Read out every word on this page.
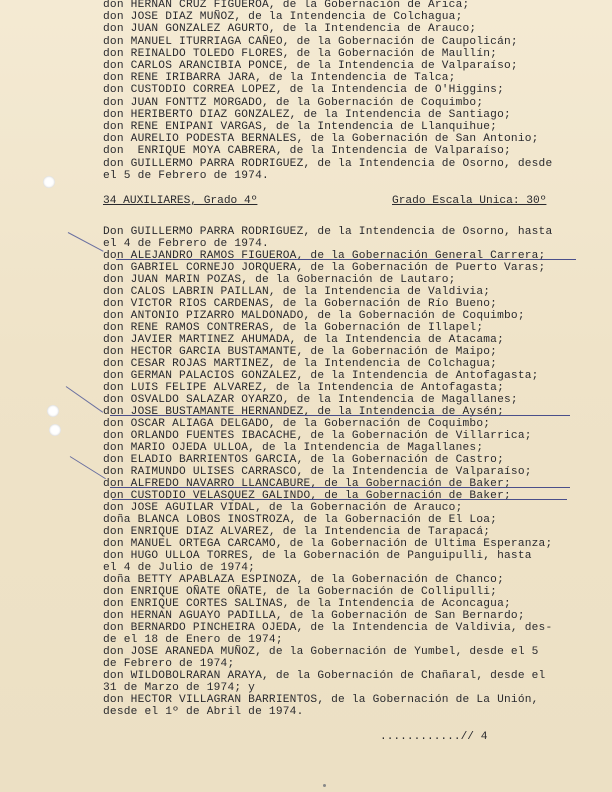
don HERNAN CRUZ FIGUEROA, de la Gobernación de Arica;
don JOSE DIAZ MUÑOZ, de la Intendencia de Colchagua;
don JUAN GONZALEZ AGURTO, de la Intendencia de Arauco;
don MANUEL ITURRIAGA CAÑEO, de la Gobernación de Caupolicán;
don REINALDO TOLEDO FLORES, de la Gobernación de Maullín;
don CARLOS ARANCIBIA PONCE, de la Intendencia de Valparaíso;
don RENE IRIBARRA JARA, de la Intendencia de Talca;
don CUSTODIO CORREA LOPEZ, de la Intendencia de O'Higgins;
don JUAN FONTTZ MORGADO, de la Gobernación de Coquimbo;
don HERIBERTO DIAZ GONZALEZ, de la Intendencia de Santiago;
don RENE ENIPANI VARGAS, de la Intendencia de Llanquihue;
don AURELIO PODESTA BERNALES, de la Gobernación de San Antonio;
don  ENRIQUE MOYA CABRERA, de la Intendencia de Valparaíso;
don GUILLERMO PARRA RODRIGUEZ, de la Intendencia de Osorno, desde
el 5 de Febrero de 1974.
34 AUXILIARES, Grado 4º	Grado Escala Unica: 30º
Don GUILLERMO PARRA RODRIGUEZ, de la Intendencia de Osorno, hasta
el 4 de Febrero de 1974.
don ALEJANDRO RAMOS FIGUEROA, de la Gobernación General Carrera;
don GABRIEL CORNEJO JORQUERA, de la Gobernación de Puerto Varas;
don JUAN MARIN POZAS, de la Gobernación de Lautaro;
don CALOS LABRIN PAILLAN, de la Intendencia de Valdivia;
don VICTOR RIOS CARDENAS, de la Gobernación de Río Bueno;
don ANTONIO PIZARRO MALDONADO, de la Gobernación de Coquimbo;
don RENE RAMOS CONTRERAS, de la Gobernación de Illapel;
don JAVIER MARTINEZ AHUMADA, de la Intendencia de Atacama;
don HECTOR GARCIA BUSTAMANTE, de la Gobernación de Maipo;
don CESAR ROJAS MARTINEZ, de la Intendencia de Colchagua;
don GERMAN PALACIOS GONZALEZ, de la Intendencia de Antofagasta;
don LUIS FELIPE ALVAREZ, de la Intendencia de Antofagasta;
don OSVALDO SALAZAR OYARZO, de la Intendencia de Magallanes;
don JOSE BUSTAMANTE HERNANDEZ, de la Intendencia de Aysén;
don OSCAR ALIAGA DELGADO, de la Gobernación de Coquimbo;
don ORLANDO FUENTES IBACACHE, de la Gobernación de Villarrica;
don MARIO OJEDA ULLOA, de la Intendencia de Magallanes;
don ELADIO BARRIENTOS GARCIA, de la Gobernación de Castro;
don RAIMUNDO ULISES CARRASCO, de la Intendencia de Valparaíso;
don ALFREDO NAVARRO LLANCABURE, de la Gobernación de Baker;
don CUSTODIO VELASQUEZ GALINDO, de la Gobernación de Baker;
don JOSE AGUILAR VIDAL, de la Gobernación de Arauco;
doña BLANCA LOBOS INOSTROZA, de la Gobernación de El Loa;
don ENRIQUE DIAZ ALVAREZ, de la Intendencia de Tarapacá;
don MANUEL ORTEGA CARCAMO, de la Gobernación de Ultima Esperanza;
don HUGO ULLOA TORRES, de la Gobernación de Panguipulli, hasta
el 4 de Julio de 1974;
doña BETTY APABLAZA ESPINOZA, de la Gobernación de Chanco;
don ENRIQUE OÑATE OÑATE, de la Gobernación de Collipulli;
don ENRIQUE CORTES SALINAS, de la Intendencia de Aconcagua;
don HERNAN AGUAYO PADILLA, de la Gobernación de San Bernardo;
don BERNARDO PINCHEIRA OJEDA, de la Intendencia de Valdivia, des-
de el 18 de Enero de 1974;
don JOSE ARANEDA MUÑOZ, de la Gobernación de Yumbel, desde el 5
de Febrero de 1974;
don WILDOBOLRARAN ARAYA, de la Gobernación de Chañaral, desde el
31 de Marzo de 1974; y
don HECTOR VILLAGRAN BARRIENTOS, de la Gobernación de La Unión,
desde el 1º de Abril de 1974.
............// 4
